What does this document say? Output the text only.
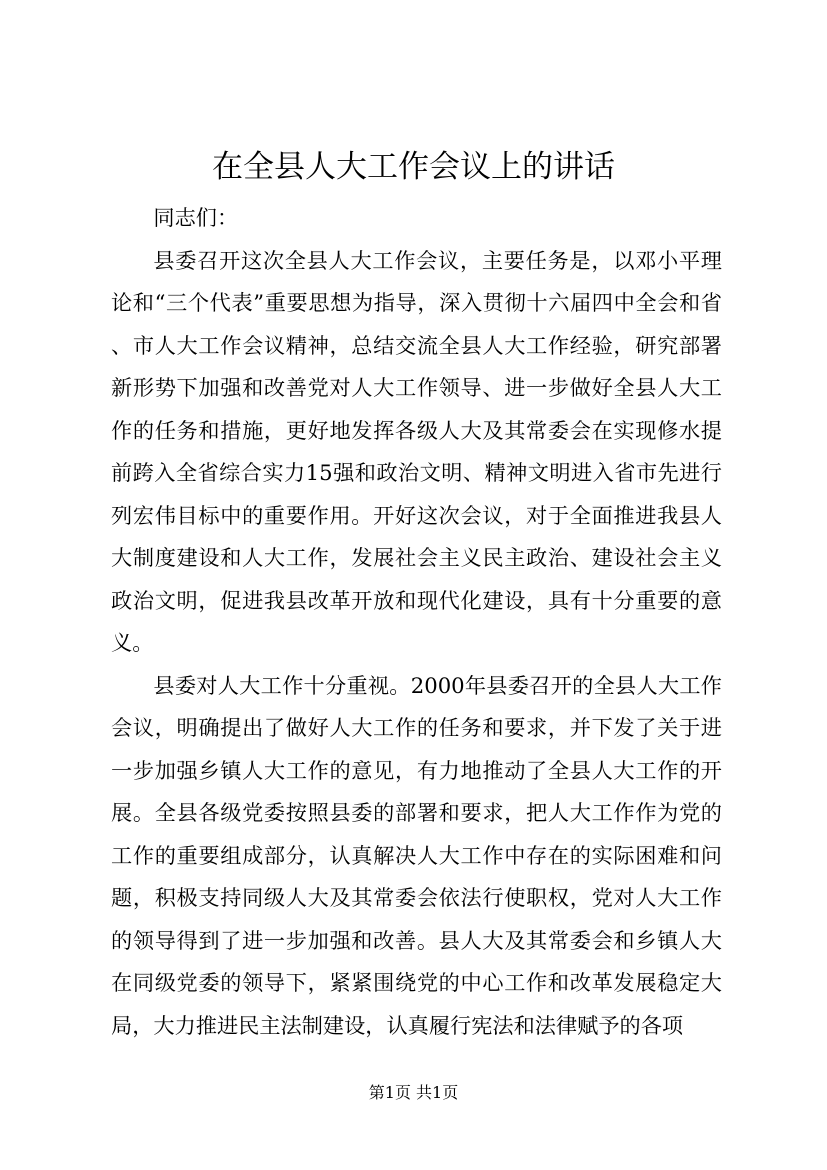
在全县人大工作会议上的讲话

同志们：

县委召开这次全县人大工作会议，主要任务是，以邓小平理论和“三个代表”重要思想为指导，深入贯彻十六届四中全会和省、市人大工作会议精神，总结交流全县人大工作经验，研究部署新形势下加强和改善党对人大工作领导、进一步做好全县人大工作的任务和措施，更好地发挥各级人大及其常委会在实现修水提前跨入全省综合实力15强和政治文明、精神文明进入省市先进行列宏伟目标中的重要作用。开好这次会议，对于全面推进我县人大制度建设和人大工作，发展社会主义民主政治、建设社会主义政治文明，促进我县改革开放和现代化建设，具有十分重要的意义。

县委对人大工作十分重视。2000年县委召开的全县人大工作会议，明确提出了做好人大工作的任务和要求，并下发了关于进一步加强乡镇人大工作的意见，有力地推动了全县人大工作的开展。全县各级党委按照县委的部署和要求，把人大工作作为党的工作的重要组成部分，认真解决人大工作中存在的实际困难和问题，积极支持同级人大及其常委会依法行使职权，党对人大工作的领导得到了进一步加强和改善。县人大及其常委会和乡镇人大在同级党委的领导下，紧紧围绕党的中心工作和改革发展稳定大局，大力推进民主法制建设，认真履行宪法和法律赋予的各项

第1页 共1页
